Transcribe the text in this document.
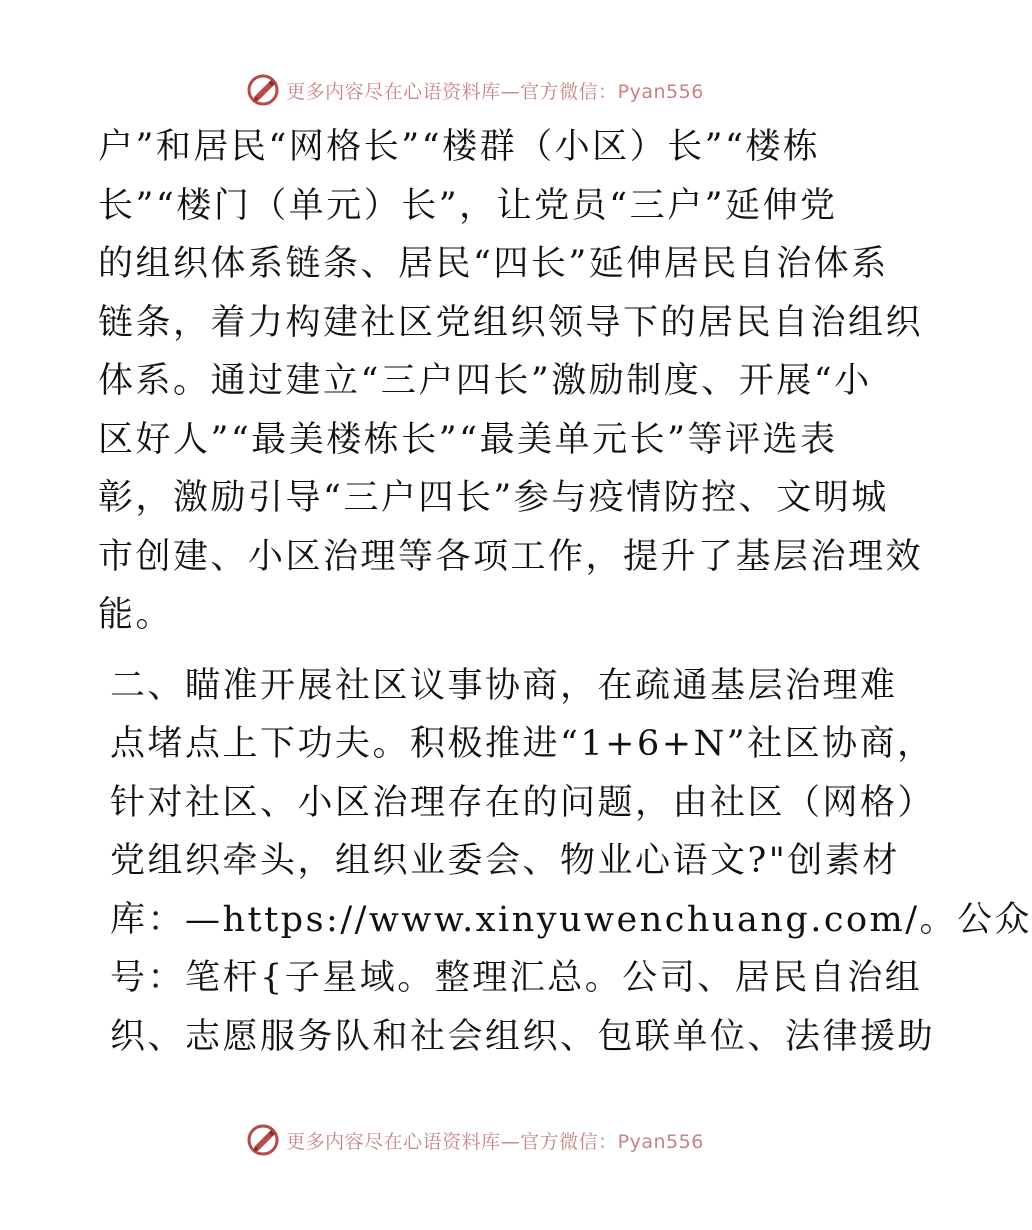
更多内容尽在心语资料库—官方微信：Pyan556

户”和居民“网格长”“楼群（小区）长”“楼栋
长”“楼门（单元）长”，让党员“三户”延伸党
的组织体系链条、居民“四长”延伸居民自治体系
链条，着力构建社区党组织领导下的居民自治组织
体系。通过建立“三户四长”激励制度、开展“小
区好人”“最美楼栋长”“最美单元长”等评选表
彰，激励引导“三户四长”参与疫情防控、文明城
市创建、小区治理等各项工作，提升了基层治理效
能。

二、瞄准开展社区议事协商，在疏通基层治理难
点堵点上下功夫。积极推进“1+6+N”社区协商，
针对社区、小区治理存在的问题，由社区（网格）
党组织牵头，组织业委会、物业心语文?"创素材
库：—https://www.xinyuwenchuang.com/。公众
号：笔杆{子星域。整理汇总。公司、居民自治组
织、志愿服务队和社会组织、包联单位、法律援助

更多内容尽在心语资料库—官方微信：Pyan556
